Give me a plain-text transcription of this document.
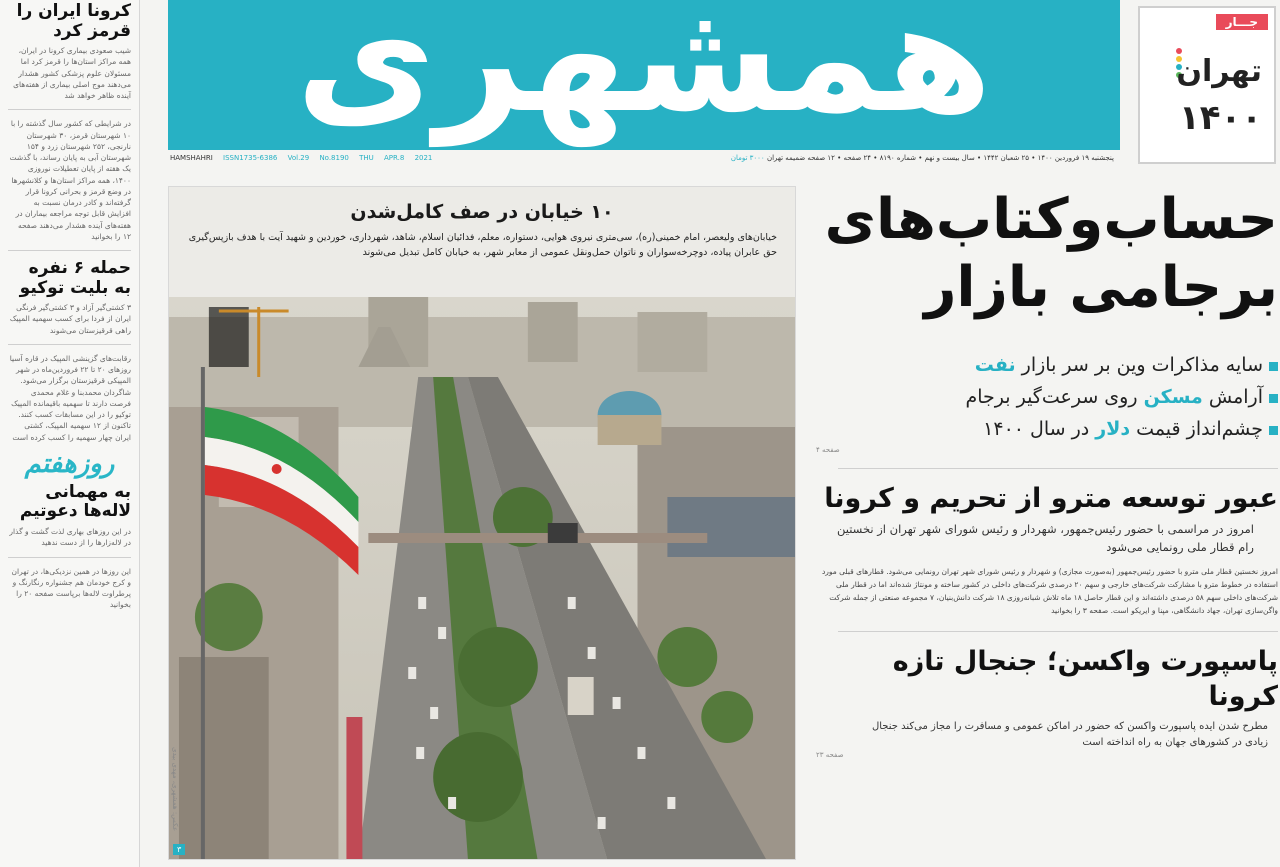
کرونا ایران را قرمز کرد
شیب صعودی بیماری کرونا در ایران، همه مراکز استان‌ها را قرمز کرد اما مسئولان علوم پزشکی کشور هشدار می‌دهند موج اصلی بیماری از هفته‌های آینده ظاهر خواهد شد
در شرایطی که کشور سال گذشته را با ۱۰ شهرستان قرمز، ۳۰ شهرستان نارنجی، ۲۵۲ شهرستان زرد و ۱۵۴ شهرستان آبی به پایان رساند، با گذشت یک هفته از پایان تعطیلات نوروزی ۱۴۰۰، همه مراکز استان‌ها و کلانشهرها در وضع قرمز و بحرانی کرونا قرار گرفته‌اند و کادر درمان نسبت به افزایش قابل توجه مراجعه بیماران در هفته‌های آینده هشدار می‌دهند صفحه ۱۲ را بخوانید
حمله ۶ نفره به بلیت توکیو
۳ کشتی‌گیر آزاد و ۳ کشتی‌گیر فرنگی ایران از فردا برای کسب سهمیه المپیک راهی قرقیزستان می‌شوند
رقابت‌های گزینشی المپیک در قاره آسیا روزهای ۲۰ تا ۲۲ فروردین‌ماه در شهر المپیکی قرقیزستان برگزار می‌شود. شاگردان محمدبنا و غلام محمدی فرصت دارند تا سهمیه باقیمانده المپیک توکیو را در این مسابقات کسب کنند. تاکنون از ۱۲ سهمیه المپیک، کشتی ایران چهار سهمیه را کسب کرده است
روزهفتم
به مهمانی لاله‌ها دعوتیم
در این روزهای بهاری لذت گشت و گذار در لاله‌زارها را از دست ندهید
این روزها در همین نزدیکی‌ها، در تهران و کرج خودمان هم جشنواره رنگارنگ و پرطراوت لاله‌ها برپاست صفحه ۲۰ را بخوانید
همشهری
پنجشنبه ۱۹ فروردین ۱۴۰۰ • ۲۵ شعبان ۱۴۴۲ • سال بیست و نهم • شماره ۸۱۹۰ • ۲۴ صفحه • ۱۲ صفحه ضمیمه تهران ۳۰۰۰ تومان
HAMSHAHRI ISSN1735-6386 Vol.29 No.8190 THU APR.8 2021
جـــار
تهران
۱۴۰۰
۱۰ خیابان در صف کامل‌شدن
خیابان‌های ولیعصر، امام خمینی(ره)، سی‌متری نیروی هوایی، دستواره، معلم، فدائیان اسلام، شاهد، شهرداری، خوردین و شهید آیت با هدف بازپس‌گیری حق عابران پیاده، دوچرخه‌سواران و ناتوان حمل‌ونقل عمومی از معابر شهر، به خیابان کامل تبدیل می‌شوند
عکس: همشهری، مهدی بیدی
۳
حساب‌وکتاب‌های
برجامی بازار
سایه مذاکرات وین بر سر بازار نفت
آرامش مسکن روی سرعت‌گیر برجام
چشم‌انداز قیمت دلار در سال ۱۴۰۰
صفحه ۴
عبور توسعه مترو از تحریم و کرونا
امروز در مراسمی با حضور رئیس‌جمهور، شهردار و رئیس شورای شهر تهران از نخستین رام قطار ملی رونمایی می‌شود
امروز نخستین قطار ملی مترو با حضور رئیس‌جمهور (به‌صورت مجازی) و شهردار و رئیس شورای شهر تهران رونمایی می‌شود. قطارهای قبلی مورد استفاده در خطوط مترو با مشارکت شرکت‌های خارجی و سهم ۲۰ درصدی شرکت‌های داخلی در کشور ساخته و مونتاژ شده‌اند اما در قطار ملی شرکت‌های داخلی سهم ۵۸ درصدی داشته‌اند و این قطار حاصل ۱۸ ماه تلاش شبانه‌روزی ۱۸ شرکت دانش‌بنیان، ۷ مجموعه صنعتی از جمله شرکت واگن‌سازی تهران، جهاد دانشگاهی، مپنا و ایریکو است. صفحه ۳ را بخوانید
پاسپورت واکسن؛ جنجال تازه کرونا
مطرح شدن ایده پاسپورت واکسن که حضور در اماکن عمومی و مسافرت را مجاز می‌کند جنجال زیادی در کشورهای جهان به راه انداخته است
صفحه ۲۳
